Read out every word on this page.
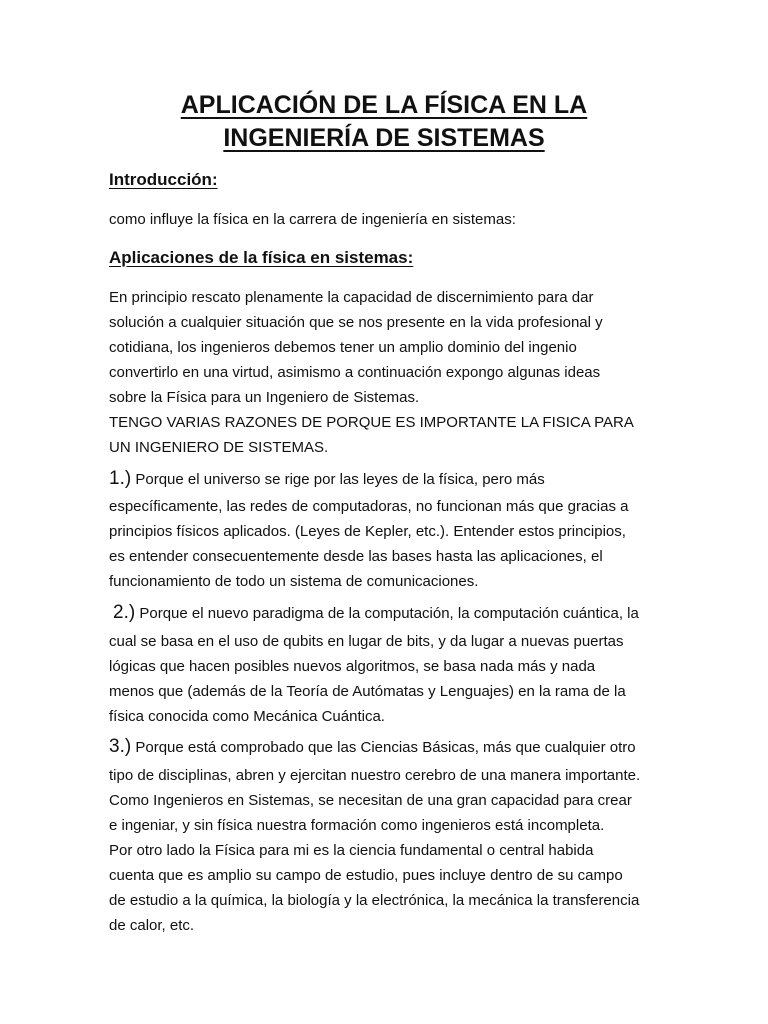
APLICACIÓN DE LA FÍSICA EN LA
INGENIERÍA DE SISTEMAS
Introducción:
como influye la física en la carrera de ingeniería en sistemas:
Aplicaciones de la física en sistemas:
En principio rescato plenamente la capacidad de discernimiento para dar
solución a cualquier situación que se nos presente en la vida profesional y
cotidiana, los ingenieros debemos tener un amplio dominio del ingenio
convertirlo en una virtud, asimismo a continuación expongo algunas ideas
sobre la Física para un Ingeniero de Sistemas.
TENGO VARIAS RAZONES DE PORQUE ES IMPORTANTE LA FISICA PARA
UN INGENIERO DE SISTEMAS.
1.) Porque el universo se rige por las leyes de la física, pero más
específicamente, las redes de computadoras, no funcionan más que gracias a
principios físicos aplicados. (Leyes de Kepler, etc.). Entender estos principios,
es entender consecuentemente desde las bases hasta las aplicaciones, el
funcionamiento de todo un sistema de comunicaciones.
2.) Porque el nuevo paradigma de la computación, la computación cuántica, la
cual se basa en el uso de qubits en lugar de bits, y da lugar a nuevas puertas
lógicas que hacen posibles nuevos algoritmos, se basa nada más y nada
menos que (además de la Teoría de Autómatas y Lenguajes) en la rama de la
física conocida como Mecánica Cuántica.
3.) Porque está comprobado que las Ciencias Básicas, más que cualquier otro
tipo de disciplinas, abren y ejercitan nuestro cerebro de una manera importante.
Como Ingenieros en Sistemas, se necesitan de una gran capacidad para crear
e ingeniar, y sin física nuestra formación como ingenieros está incompleta.
Por otro lado la Física para mi es la ciencia fundamental o central habida
cuenta que es amplio su campo de estudio, pues incluye dentro de su campo
de estudio a la química, la biología y la electrónica, la mecánica la transferencia
de calor, etc.
